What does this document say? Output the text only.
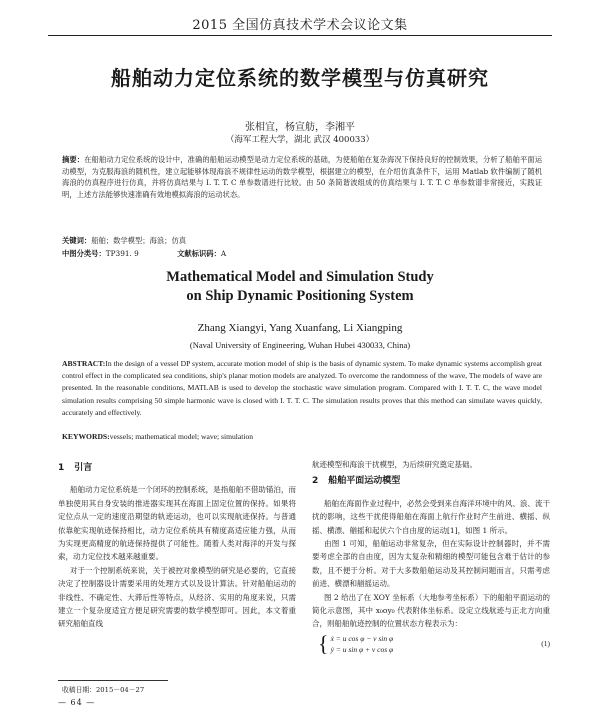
2015 全国仿真技术学术会议论文集
船舶动力定位系统的数学模型与仿真研究
张相宜，杨宣舫，李湘平
（海军工程大学，湖北 武汉 400033）
摘要：在船舶动力定位系统的设计中，准确的船舶运动模型是动力定位系统的基础，为使船舶在复杂海况下保持良好的控制效果，分析了船舶平面运动模型，为克服海浪的随机性，建立起能够体现海浪不规律性运动的数学模型，根据建立的模型，在介绍仿真条件下，运用 Matlab 软件编制了随机海浪的仿真程序进行仿真，并将仿真结果与 I. T. T. C 单参数谱进行比较。由 50 条简谐波组成的仿真结果与 I. T. T. C 单参数谱非常接近，实践证明，上述方法能够快速准确有效地模拟海浪的运动状态。
关键词：船舶；数学模型；海浪；仿真
中图分类号：TP391. 9	文献标识码：A
Mathematical Model and Simulation Study
on Ship Dynamic Positioning System
Zhang Xiangyi, Yang Xuanfang, Li Xiangping
(Naval University of Engineering, Wuhan Hubei 430033, China)
ABSTRACT:In the design of a vessel DP system, accurate motion model of ship is the basis of dynamic system. To make dynamic systems accomplish great control effect in the complicated sea conditions, ship's planar motion models are analyzed. To overcome the randomness of the wave, The models of wave are presented. In the reasonable conditions, MATLAB is used to develop the stochastic wave simulation program. Compared with I. T. T. C, the wave model simulation results comprising 50 simple harmonic wave is closed with I. T. T. C. The simulation results proves that this method can simulate waves quickly, accurately and effectively.
KEYWORDS:vessels; mathematical model; wave; simulation
1 引言

船舶动力定位系统是一个闭环的控制系统，是指船舶不借助锚泊，而单独使用其自身安装的推进器实现其在海面上固定位置的保持。如果将定位点从一定的速度沿期望的轨迹运动，也可以实现航迹保持。与普通依靠舵实现航迹保持相比，动力定位系统具有精度高适应能力强，从而为实现更高精度的航迹保持提供了可能性。随着人类对海洋的开发与探索，动力定位技术越来越重要。

对于一个控制系统来说，关于被控对象模型的研究是必要的，它直接决定了控制器设计需要采用的处理方式以及设计算法。针对船舶运动的非线性、不确定性、大滞后性等特点，从经济、实用的角度来说，只需建立一个复杂度适宜方便足研究需要的数学模型即可。因此，本文着重研究船舶直线

航迹模型和海浪干扰模型，为后续研究奠定基础。

2 船舶平面运动模型

船舶在海面作业过程中，必然会受到来自海洋环境中的风、浪、流干扰的影响，这些干扰使得船舶在海面上航行作业时产生前进、横摇、纵摇、横漂、艏摇和起伏六个自由度的运动[1]，如图 1 所示。

由图 1 可知，船舶运动非常复杂，但在实际设计控制器时，并不需要考虑全部的自由度，因为太复杂和精细的模型可能包含难于估计的参数，且不便于分析。对于大多数船舶运动及其控制问题而言，只需考虑前进、横漂和艏摇运动。

图 2 给出了在 XOY 坐标系（大地参考坐标系）下的船舶平面运动的简化示意图，其中 x₀oy₀ 代表附体坐标系。设定立线航迹与正北方向重合，则船舶航迹控制的位置状态方程表示为：

{ ẋ = u cos φ − v sin φ
ẏ = u sin φ + v cos φ
(1)
收稿日期：2015－04－27
— 64 —
